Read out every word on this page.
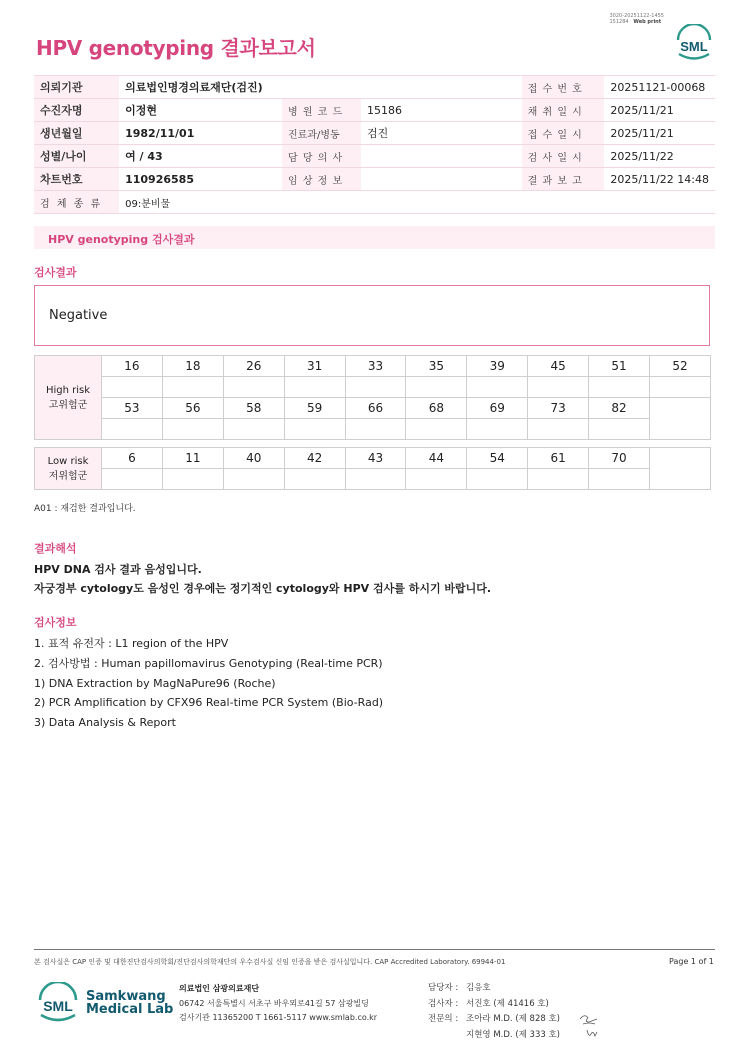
3020-20251122-1455
151284 Web print
HPV genotyping 결과보고서	SML
의뢰기관	의료법인명경의료재단(검진)			접 수 번 호	20251121-00068
수진자명	이정현	병 원 코 드	15186	채 취 일 시	2025/11/21
생년월일	1982/11/01	진료과/병동	검진	접 수 일 시	2025/11/21
성별/나이	여 / 43	담 당 의 사		검 사 일 시	2025/11/22
차트번호	110926585	임 상 정 보		결 과 보 고	2025/11/22 14:48
검 체 종 류	09:분비물				
HPV genotyping 검사결과
검사결과
Negative
High risk
고위험군	16	18	26	31	33	35	39	45	51	52

	53	56	58	59	66	68	69	73	82	

Low risk
저위험군	6	11	40	42	43	44	54	61	70	

A01 : 재검한 결과입니다.
결과해석
HPV DNA 검사 결과 음성입니다.
자궁경부 cytology도 음성인 경우에는 정기적인 cytology와 HPV 검사를 하시기 바랍니다.
검사정보
1. 표적 유전자 : L1 region of the HPV
2. 검사방법 : Human papillomavirus Genotyping (Real-time PCR)
1) DNA Extraction by MagNaPure96 (Roche)
2) PCR Amplification by CFX96 Real-time PCR System (Bio-Rad)
3) Data Analysis & Report
본 검사실은 CAP 인증 및 대한진단검사의학회/진단검사의학재단의 우수검사실 신임 인증을 받은 검사실입니다. CAP Accredited Laboratory. 69944-01	Page 1 of 1
SML
Samkwang
Medical Lab
의료법인 삼광의료재단
06742 서울특별시 서초구 바우뫼로41길 57 삼광빌딩
검사기관 11365200 T 1661-5117 www.smlab.co.kr
담당자 : 김응호
검사자 : 서진호 (제 41416 호)
전문의 : 조아라 M.D. (제 828 호)
지현영 M.D. (제 333 호)
